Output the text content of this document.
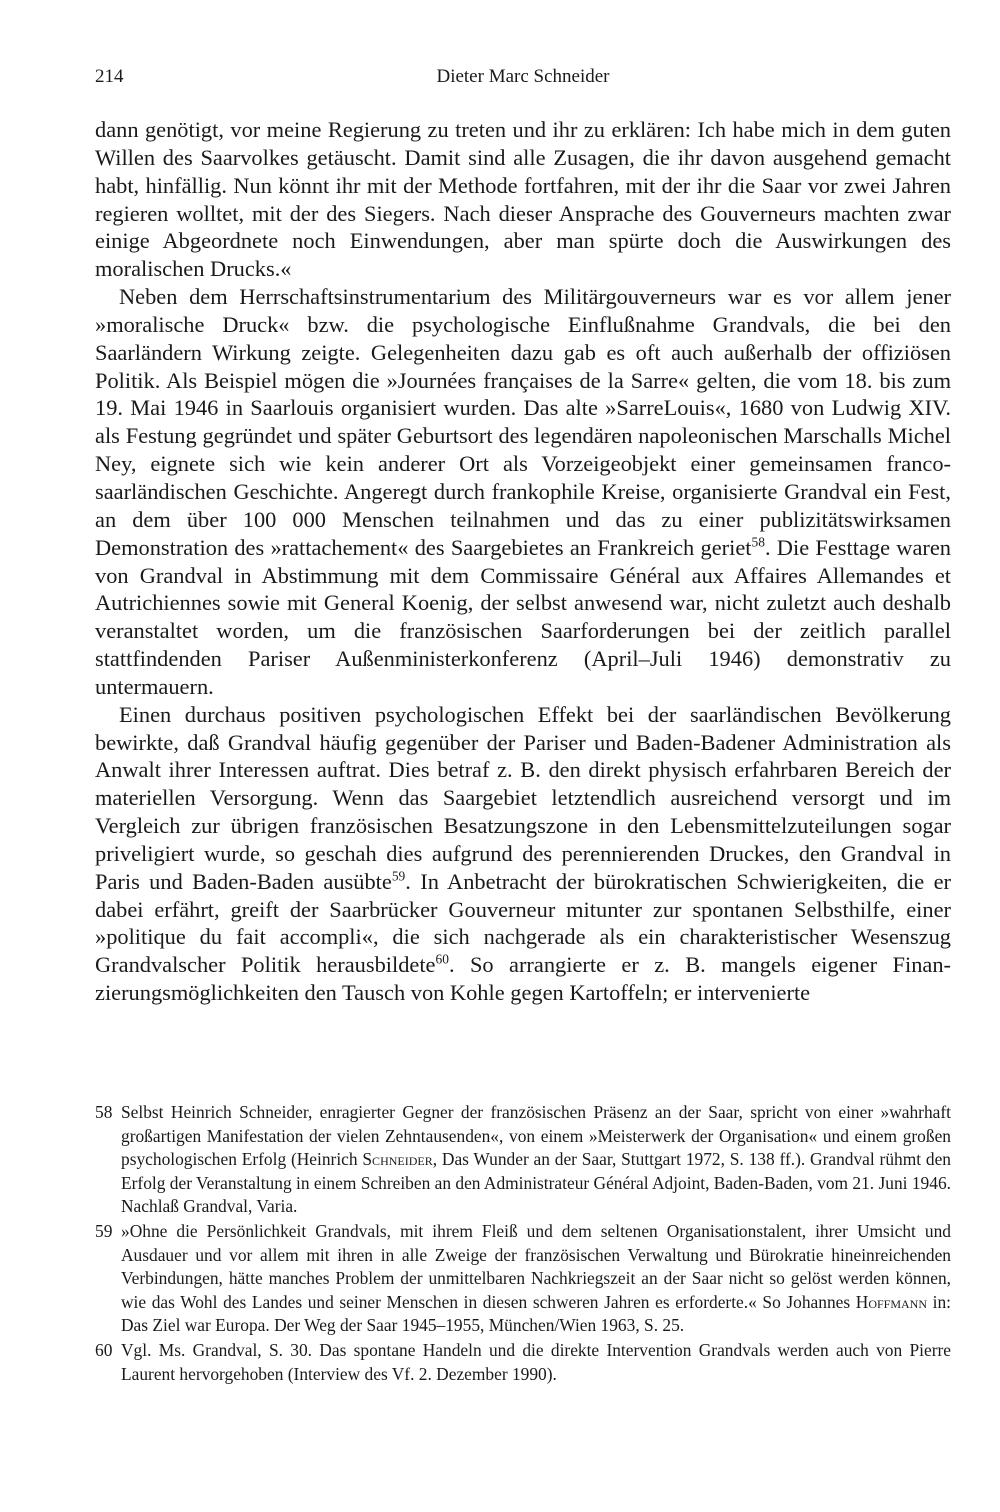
214	Dieter Marc Schneider

dann genötigt, vor meine Regierung zu treten und ihr zu erklären: Ich habe mich in dem guten Willen des Saarvolkes getäuscht. Damit sind alle Zusagen, die ihr davon ausgehend gemacht habt, hinfällig. Nun könnt ihr mit der Methode fortfahren, mit der ihr die Saar vor zwei Jahren regieren wolltet, mit der des Siegers. Nach dieser Ansprache des Gouverneurs machten zwar einige Abgeordnete noch Einwendungen, aber man spürte doch die Auswirkungen des moralischen Drucks.«

Neben dem Herrschaftsinstrumentarium des Militärgouverneurs war es vor allem jener »moralische Druck« bzw. die psychologische Einflußnahme Grandvals, die bei den Saarländern Wirkung zeigte. Gelegenheiten dazu gab es oft auch außerhalb der offiziösen Politik. Als Beispiel mögen die »Journées françaises de la Sarre« gelten, die vom 18. bis zum 19. Mai 1946 in Saarlouis organisiert wurden. Das alte »SarreLouis«, 1680 von Ludwig XIV. als Festung gegründet und später Geburtsort des legendären napoleonischen Marschalls Michel Ney, eignete sich wie kein anderer Ort als Vorzeigeobjekt einer gemeinsamen franco-saarländischen Geschichte. Angeregt durch frankophile Kreise, organisierte Grandval ein Fest, an dem über 100 000 Menschen teilnahmen und das zu einer publizitätswirksamen Demonstration des »rattachement« des Saargebietes an Frankreich geriet$^{58}$. Die Festtage waren von Grandval in Abstimmung mit dem Commissaire Général aux Affaires Allemandes et Autrichiennes sowie mit General Koenig, der selbst anwesend war, nicht zuletzt auch deshalb veranstaltet worden, um die französischen Saarforderungen bei der zeitlich parallel stattfindenden Pariser Außenministerkonferenz (April–Juli 1946) demonstrativ zu untermauern.

Einen durchaus positiven psychologischen Effekt bei der saarländischen Bevölkerung bewirkte, daß Grandval häufig gegenüber der Pariser und Baden-Badener Administration als Anwalt ihrer Interessen auftrat. Dies betraf z. B. den direkt physisch erfahrbaren Bereich der materiellen Versorgung. Wenn das Saargebiet letztendlich ausreichend versorgt und im Vergleich zur übrigen französischen Besatzungszone in den Lebensmittelzuteilungen sogar priveligiert wurde, so geschah dies aufgrund des perennierenden Druckes, den Grandval in Paris und Baden-Baden ausübte$^{59}$. In Anbetracht der bürokratischen Schwierigkeiten, die er dabei erfährt, greift der Saarbrücker Gouverneur mitunter zur spontanen Selbsthilfe, einer »politique du fait accompli«, die sich nachgerade als ein charakteristischer Wesenszug Grandvalscher Politik herausbildete$^{60}$. So arrangierte er z. B. mangels eigener Finanzierungsmöglichkeiten den Tausch von Kohle gegen Kartoffeln; er intervenierte

58 Selbst Heinrich Schneider, enragierter Gegner der französischen Präsenz an der Saar, spricht von einer »wahrhaft großartigen Manifestation der vielen Zehntausenden«, von einem »Meisterwerk der Organisation« und einem großen psychologischen Erfolg (Heinrich Schneider, Das Wunder an der Saar, Stuttgart 1972, S. 138 ff.). Grandval rühmt den Erfolg der Veranstaltung in einem Schreiben an den Administrateur Général Adjoint, Baden-Baden, vom 21. Juni 1946. Nachlaß Grandval, Varia.

59 »Ohne die Persönlichkeit Grandvals, mit ihrem Fleiß und dem seltenen Organisationstalent, ihrer Umsicht und Ausdauer und vor allem mit ihren in alle Zweige der französischen Verwaltung und Bürokratie hineinreichenden Verbindungen, hätte manches Problem der unmittelbaren Nachkriegszeit an der Saar nicht so gelöst werden können, wie das Wohl des Landes und seiner Menschen in diesen schweren Jahren es erforderte.« So Johannes Hoffmann in: Das Ziel war Europa. Der Weg der Saar 1945–1955, München/Wien 1963, S. 25.

60 Vgl. Ms. Grandval, S. 30. Das spontane Handeln und die direkte Intervention Grandvals werden auch von Pierre Laurent hervorgehoben (Interview des Vf. 2. Dezember 1990).
